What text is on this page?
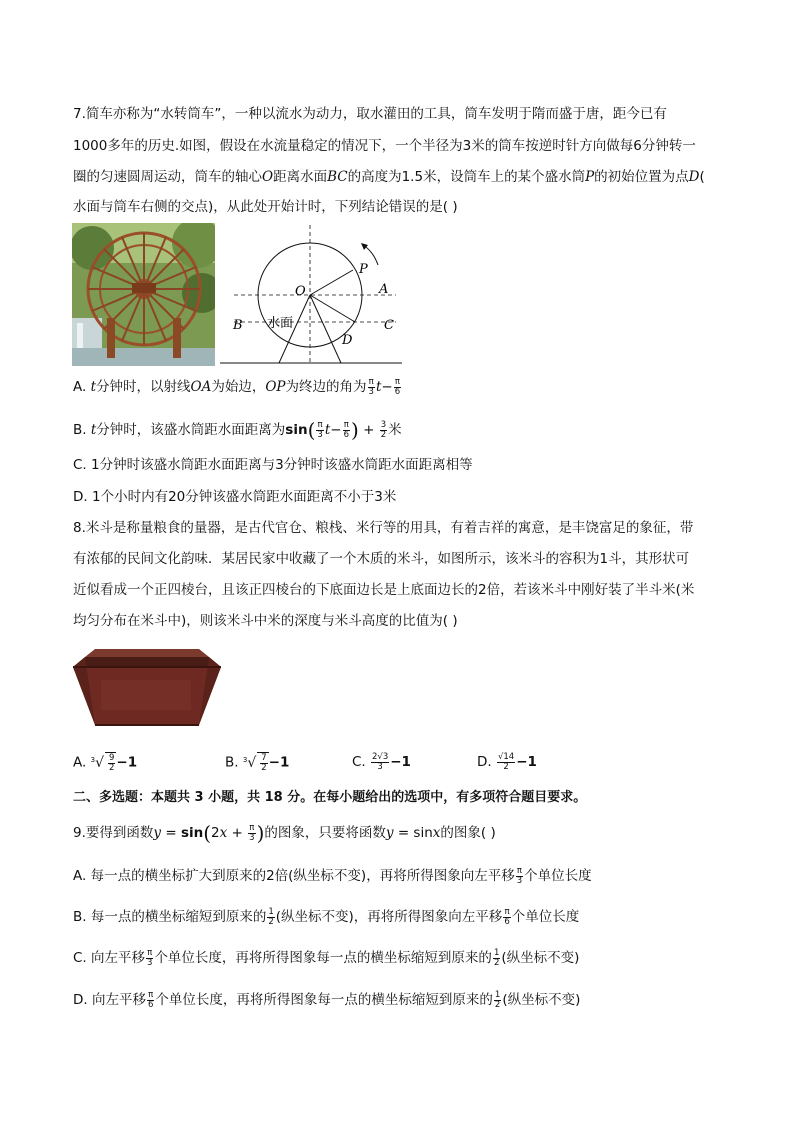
7.简车亦称为“水转筒车”，一种以流水为动力，取水灌田的工具，筒车发明于隋而盛于唐，距今已有
1000多年的历史.如图，假设在水流量稳定的情况下，一个半径为3米的筒车按逆时针方向做每6分钟转一
圈的匀速圆周运动，筒车的轴心O距离水面BC的高度为1.5米，设筒车上的某个盛水筒P的初始位置为点D(
水面与筒车右侧的交点)，从此处开始计时，下列结论错误的是( )
O	A
P
B	C
D
水面
A. t分钟时，以射线OA为始边，OP为终边的角为 $\frac{\pi}{3} t- \frac{\pi}{6}$
B. t分钟时，该盛水筒距水面距离为$\sin( \frac{\pi}{3} t- \frac{\pi}{6}$ ) + $\frac{3}{2}$ 米
C. 1分钟时该盛水筒距水面距离与3分钟时该盛水筒距水面距离相等
D. 1个小时内有20分钟该盛水筒距水面距离不小于3米
8.米斗是称量粮食的量器，是古代官仓、粮栈、米行等的用具，有着吉祥的寓意，是丰饶富足的象征，带
有浓郁的民间文化韵味．某居民家中收藏了一个木质的米斗，如图所示，该米斗的容积为1斗，其形状可
近似看成一个正四棱台，且该正四棱台的下底面边长是上底面边长的2倍，若该米斗中刚好装了半斗米(米
均匀分布在米斗中)，则该米斗中米的深度与米斗高度的比值为( )
A. $^3√ \frac{9}{2} -1$	B. $^3√ \frac{7}{2} -1$	C. $\frac{2√3}{3} -1$	D. $\frac{√14}{2} -1$
二、多选题：本题共 3 小题，共 18 分。在每小题给出的选项中，有多项符合题目要求。
9.要得到函数$y = \sin(2x + \frac{\pi}{3}$ )的图象，只要将函数y = sinx的图象( )
A. 每一点的横坐标扩大到原来的2倍(纵坐标不变)，再将所得图象向左平移 $\frac{\pi}{3}$ 个单位长度
B. 每一点的横坐标缩短到原来的 $\frac{1}{2}$ (纵坐标不变)，再将所得图象向左平移 $\frac{\pi}{6}$ 个单位长度
C. 向左平移 $\frac{\pi}{3}$ 个单位长度，再将所得图象每一点的横坐标缩短到原来的 $\frac{1}{2}$ (纵坐标不变)
D. 向左平移 $\frac{\pi}{6}$ 个单位长度，再将所得图象每一点的横坐标缩短到原来的 $\frac{1}{2}$ (纵坐标不变)
